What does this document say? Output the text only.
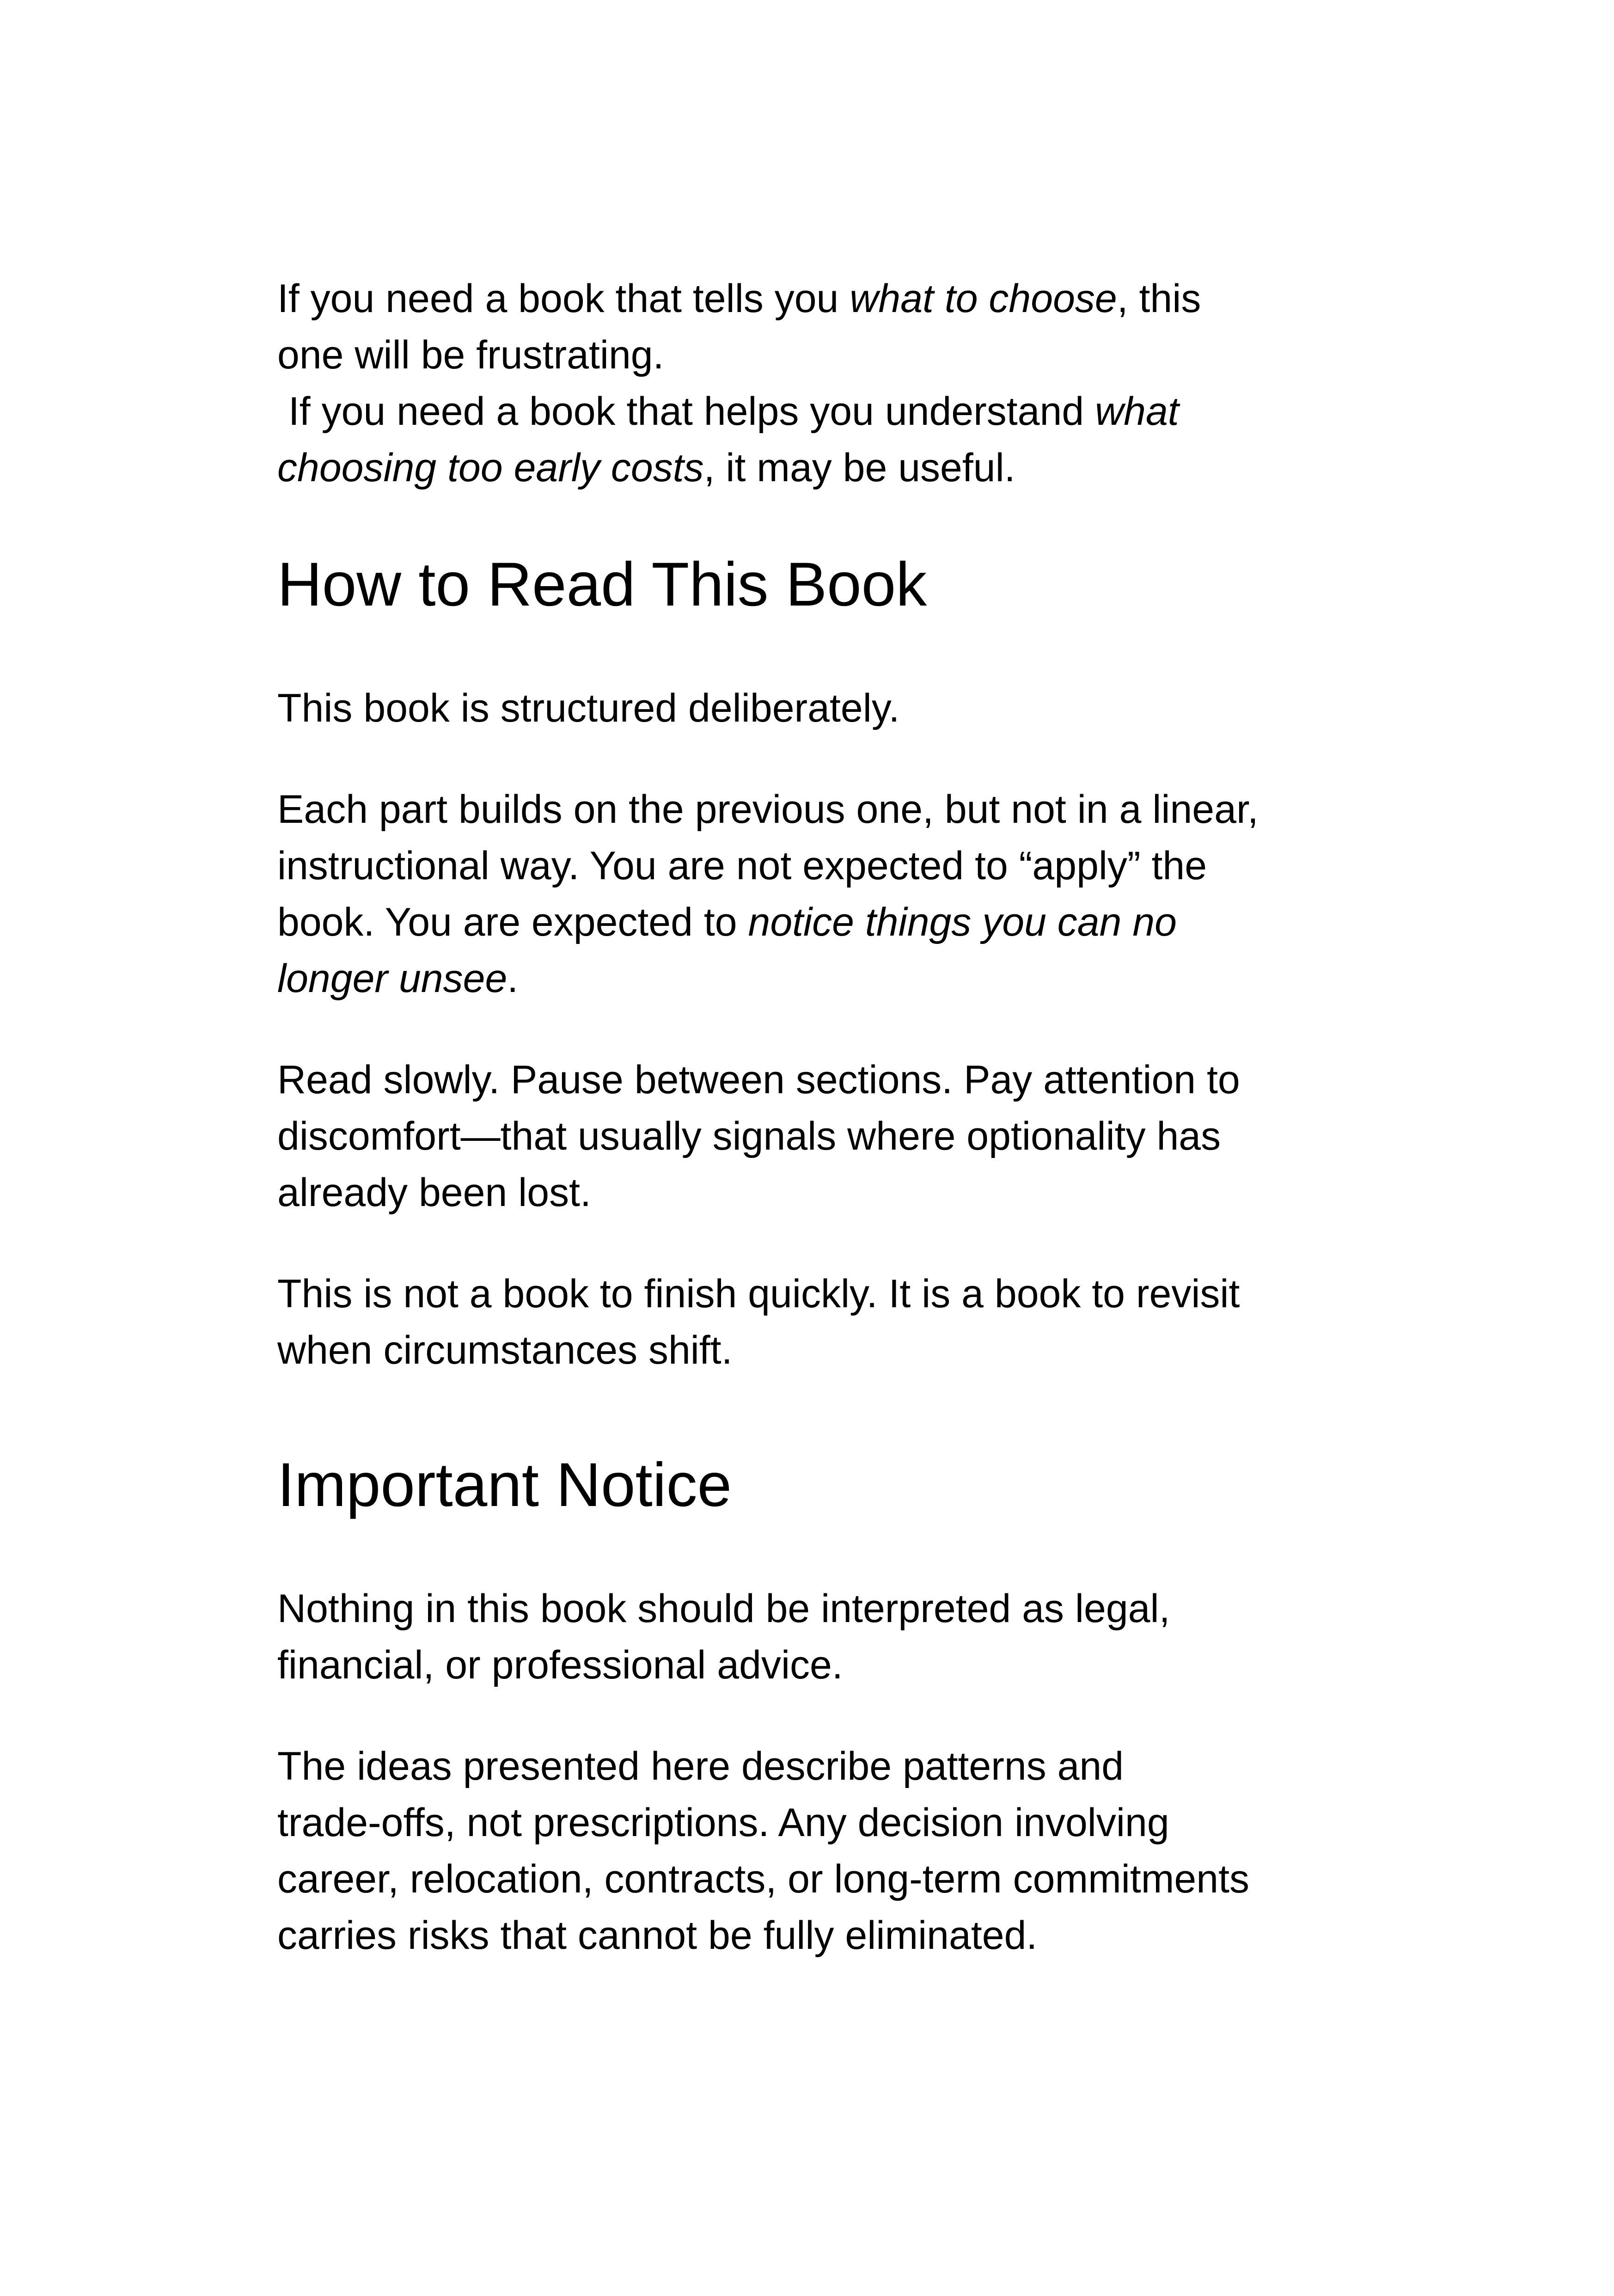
If you need a book that tells you what to choose, this
one will be frustrating.
If you need a book that helps you understand what
choosing too early costs, it may be useful.

How to Read This Book

This book is structured deliberately.

Each part builds on the previous one, but not in a linear,
instructional way. You are not expected to “apply” the
book. You are expected to notice things you can no
longer unsee.

Read slowly. Pause between sections. Pay attention to
discomfort—that usually signals where optionality has
already been lost.

This is not a book to finish quickly. It is a book to revisit
when circumstances shift.

Important Notice

Nothing in this book should be interpreted as legal,
financial, or professional advice.

The ideas presented here describe patterns and
trade-offs, not prescriptions. Any decision involving
career, relocation, contracts, or long-term commitments
carries risks that cannot be fully eliminated.
